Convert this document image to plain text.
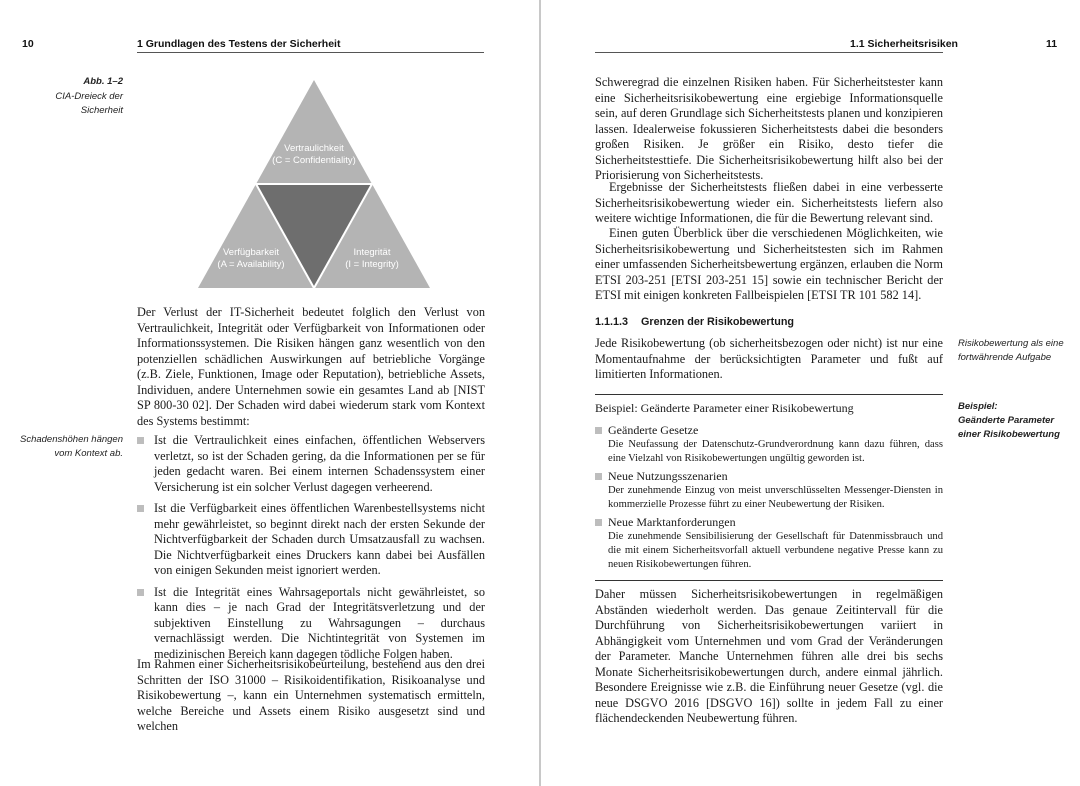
10	1 Grundlagen des Testens der Sicherheit
Abb. 1–2
CIA-Dreieck der Sicherheit
Vertraulichkeit
(C = Confidentiality)
Verfügbarkeit
(A = Availability)
Integrität
(I = Integrity)
Der Verlust der IT-Sicherheit bedeutet folglich den Verlust von Vertraulichkeit, Integrität oder Verfügbarkeit von Informationen oder Informationssystemen. Die Risiken hängen ganz wesentlich von den potenziellen schädlichen Auswirkungen auf betriebliche Vorgänge (z.B. Ziele, Funktionen, Image oder Reputation), betriebliche Assets, Individuen, andere Unternehmen sowie ein gesamtes Land ab [NIST SP 800-30 02]. Der Schaden wird dabei wiederum stark vom Kontext des Systems bestimmt:
Schadenshöhen hängen vom Kontext ab.
Ist die Vertraulichkeit eines einfachen, öffentlichen Webservers verletzt, so ist der Schaden gering, da die Informationen per se für jeden gedacht waren. Bei einem internen Schadenssystem einer Versicherung ist ein solcher Verlust dagegen verheerend.
Ist die Verfügbarkeit eines öffentlichen Warenbestellsystems nicht mehr gewährleistet, so beginnt direkt nach der ersten Sekunde der Nichtverfügbarkeit der Schaden durch Umsatzausfall zu wachsen. Die Nichtverfügbarkeit eines Druckers kann dabei bei Ausfällen von einigen Sekunden meist ignoriert werden.
Ist die Integrität eines Wahrsageportals nicht gewährleistet, so kann dies – je nach Grad der Integritätsverletzung und der subjektiven Einstellung zu Wahrsagungen – durchaus vernachlässigt werden. Die Nichtintegrität von Systemen im medizinischen Bereich kann dagegen tödliche Folgen haben.
Im Rahmen einer Sicherheitsrisikobeurteilung, bestehend aus den drei Schritten der ISO 31000 – Risikoidentifikation, Risikoanalyse und Risikobewertung –, kann ein Unternehmen systematisch ermitteln, welche Bereiche und Assets einem Risiko ausgesetzt sind und welchen
1.1 Sicherheitsrisiken	11
Schweregrad die einzelnen Risiken haben. Für Sicherheitstester kann eine Sicherheitsrisikobewertung eine ergiebige Informationsquelle sein, auf deren Grundlage sich Sicherheitstests planen und konzipieren lassen. Idealerweise fokussieren Sicherheitstests dabei die besonders großen Risiken. Je größer ein Risiko, desto tiefer die Sicherheitstesttiefe. Die Sicherheitsrisikobewertung hilft also bei der Priorisierung von Sicherheitstests.
Ergebnisse der Sicherheitstests fließen dabei in eine verbesserte Sicherheitsrisikobewertung wieder ein. Sicherheitstests liefern also weitere wichtige Informationen, die für die Bewertung relevant sind.
Einen guten Überblick über die verschiedenen Möglichkeiten, wie Sicherheitsrisikobewertung und Sicherheitstesten sich im Rahmen einer umfassenden Sicherheitsbewertung ergänzen, erlauben die Norm ETSI 203-251 [ETSI 203-251 15] sowie ein technischer Bericht der ETSI mit einigen konkreten Fallbeispielen [ETSI TR 101 582 14].
1.1.1.3 Grenzen der Risikobewertung
Jede Risikobewertung (ob sicherheitsbezogen oder nicht) ist nur eine Momentaufnahme der berücksichtigten Parameter und fußt auf limitierten Informationen.
Risikobewertung als eine fortwährende Aufgabe
Beispiel:
Geänderte Parameter einer Risikobewertung
Beispiel: Geänderte Parameter einer Risikobewertung
Geänderte Gesetze
Die Neufassung der Datenschutz-Grundverordnung kann dazu führen, dass eine Vielzahl von Risikobewertungen ungültig geworden ist.
Neue Nutzungsszenarien
Der zunehmende Einzug von meist unverschlüsselten Messenger-Diensten in kommerzielle Prozesse führt zu einer Neubewertung der Risiken.
Neue Marktanforderungen
Die zunehmende Sensibilisierung der Gesellschaft für Datenmissbrauch und die mit einem Sicherheitsvorfall aktuell verbundene negative Presse kann zu neuen Risikobewertungen führen.
Daher müssen Sicherheitsrisikobewertungen in regelmäßigen Abständen wiederholt werden. Das genaue Zeitintervall für die Durchführung von Sicherheitsrisikobewertungen variiert in Abhängigkeit vom Unternehmen und vom Grad der Veränderungen der Parameter. Manche Unternehmen führen alle drei bis sechs Monate Sicherheitsrisikobewertungen durch, andere einmal jährlich. Besondere Ereignisse wie z.B. die Einführung neuer Gesetze (vgl. die neue DSGVO 2016 [DSGVO 16]) sollte in jedem Fall zu einer flächendeckenden Neubewertung führen.
